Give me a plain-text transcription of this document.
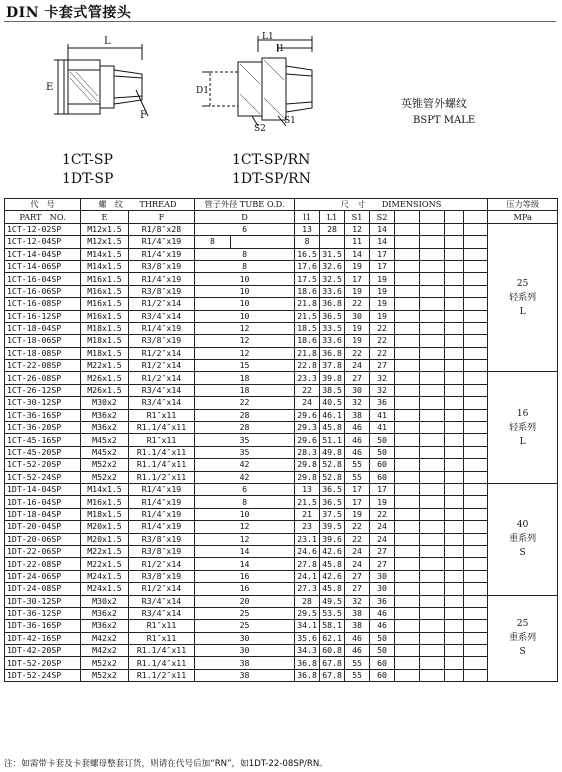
DIN 卡套式管接头
L
E
F
L1
l1
D1
S2
S1
1CT-SP
1DT-SP
1CT-SP/RN
1DT-SP/RN
英锥管外螺纹
BSPT MALE
代　号	螺　纹　　THREAD		管子外径 TUBE O.D.		尺　寸　　DIMENSIONS								压力等级
PART　NO.	E	F	D		l1	L1	S1	S2					MPa
1CT-12-02SP	M12x1.5	R1/8″x28	6		13	28	12	14					25
轻系列
L

1CT-12-04SP	M12x1.5	R1/4″x19	8		8		11	14					
1CT-14-04SP	M14x1.5	R1/4″x19	8		16.5	31.5	14	17					
1CT-14-06SP	M14x1.5	R3/8″x19	8		17.6	32.6	19	17					
1CT-16-04SP	M16x1.5	R1/4″x19	10		17.5	32.5	17	19					
1CT-16-06SP	M16x1.5	R3/8″x19	10		18.6	33.6	19	19					
1CT-16-08SP	M16x1.5	R1/2″x14	10		21.8	36.8	22	19					
1CT-16-12SP	M16x1.5	R3/4″x14	10		21.5	36.5	30	19					
1CT-18-04SP	M18x1.5	R1/4″x19	12		18.5	33.5	19	22					
1CT-18-06SP	M18x1.5	R3/8″x19	12		18.6	33.6	19	22					
1CT-18-08SP	M18x1.5	R1/2″x14	12		21.8	36.8	22	22					
1CT-22-08SP	M22x1.5	R1/2″x14	15		22.8	37.8	24	27					
1CT-26-08SP	M26x1.5	R1/2″x14	18		23.3	39.8	27	32					16
轻系列
L

1CT-26-12SP	M26x1.5	R3/4″x14	18		22	38.5	30	32					
1CT-30-12SP	M30x2	R3/4″x14	22		24	40.5	32	36					
1CT-36-16SP	M36x2	R1″x11	28		29.6	46.1	38	41					
1CT-36-20SP	M36x2	R1.1/4″x11	28		29.3	45.8	46	41					
1CT-45-16SP	M45x2	R1″x11	35		29.6	51.1	46	50					
1CT-45-20SP	M45x2	R1.1/4″x11	35		28.3	49.8	46	50					
1CT-52-20SP	M52x2	R1.1/4″x11	42		29.8	52.8	55	60					
1CT-52-24SP	M52x2	R1.1/2″x11	42		29.8	52.8	55	60					
1DT-14-04SP	M14x1.5	R1/4″x19	6		13	36.5	17	17					40
重系列
S

1DT-16-04SP	M16x1.5	R1/4″x19	8		21.5	36.5	17	19					
1DT-18-04SP	M18x1.5	R1/4″x19	10		21	37.5	19	22					
1DT-20-04SP	M20x1.5	R1/4″x19	12		23	39.5	22	24					
1DT-20-06SP	M20x1.5	R3/8″x19	12		23.1	39.6	22	24					
1DT-22-06SP	M22x1.5	R3/8″x19	14		24.6	42.6	24	27					
1DT-22-08SP	M22x1.5	R1/2″x14	14		27.8	45.8	24	27					
1DT-24-06SP	M24x1.5	R3/8″x19	16		24.1	42.6	27	30					
1DT-24-08SP	M24x1.5	R1/2″x14	16		27.3	45.8	27	30					
1DT-30-12SP	M30x2	R3/4″x14	20		28	49.5	32	36					25
重系列
S

1DT-36-12SP	M36x2	R3/4″x14	25		29.5	53.5	38	46					
1DT-36-16SP	M36x2	R1″x11	25		34.1	58.1	38	46					
1DT-42-16SP	M42x2	R1″x11	30		35.6	62.1	46	50					
1DT-42-20SP	M42x2	R1.1/4″x11	30		34.3	60.8	46	50					
1DT-52-20SP	M52x2	R1.1/4″x11	38		36.8	67.8	55	60					
1DT-52-24SP	M52x2	R1.1/2″x11	38		36.8	67.8	55	60					
注：如需带卡套及卡套螺母整套订货，则请在代号后加“RN”，如1DT-22-08SP/RN。
